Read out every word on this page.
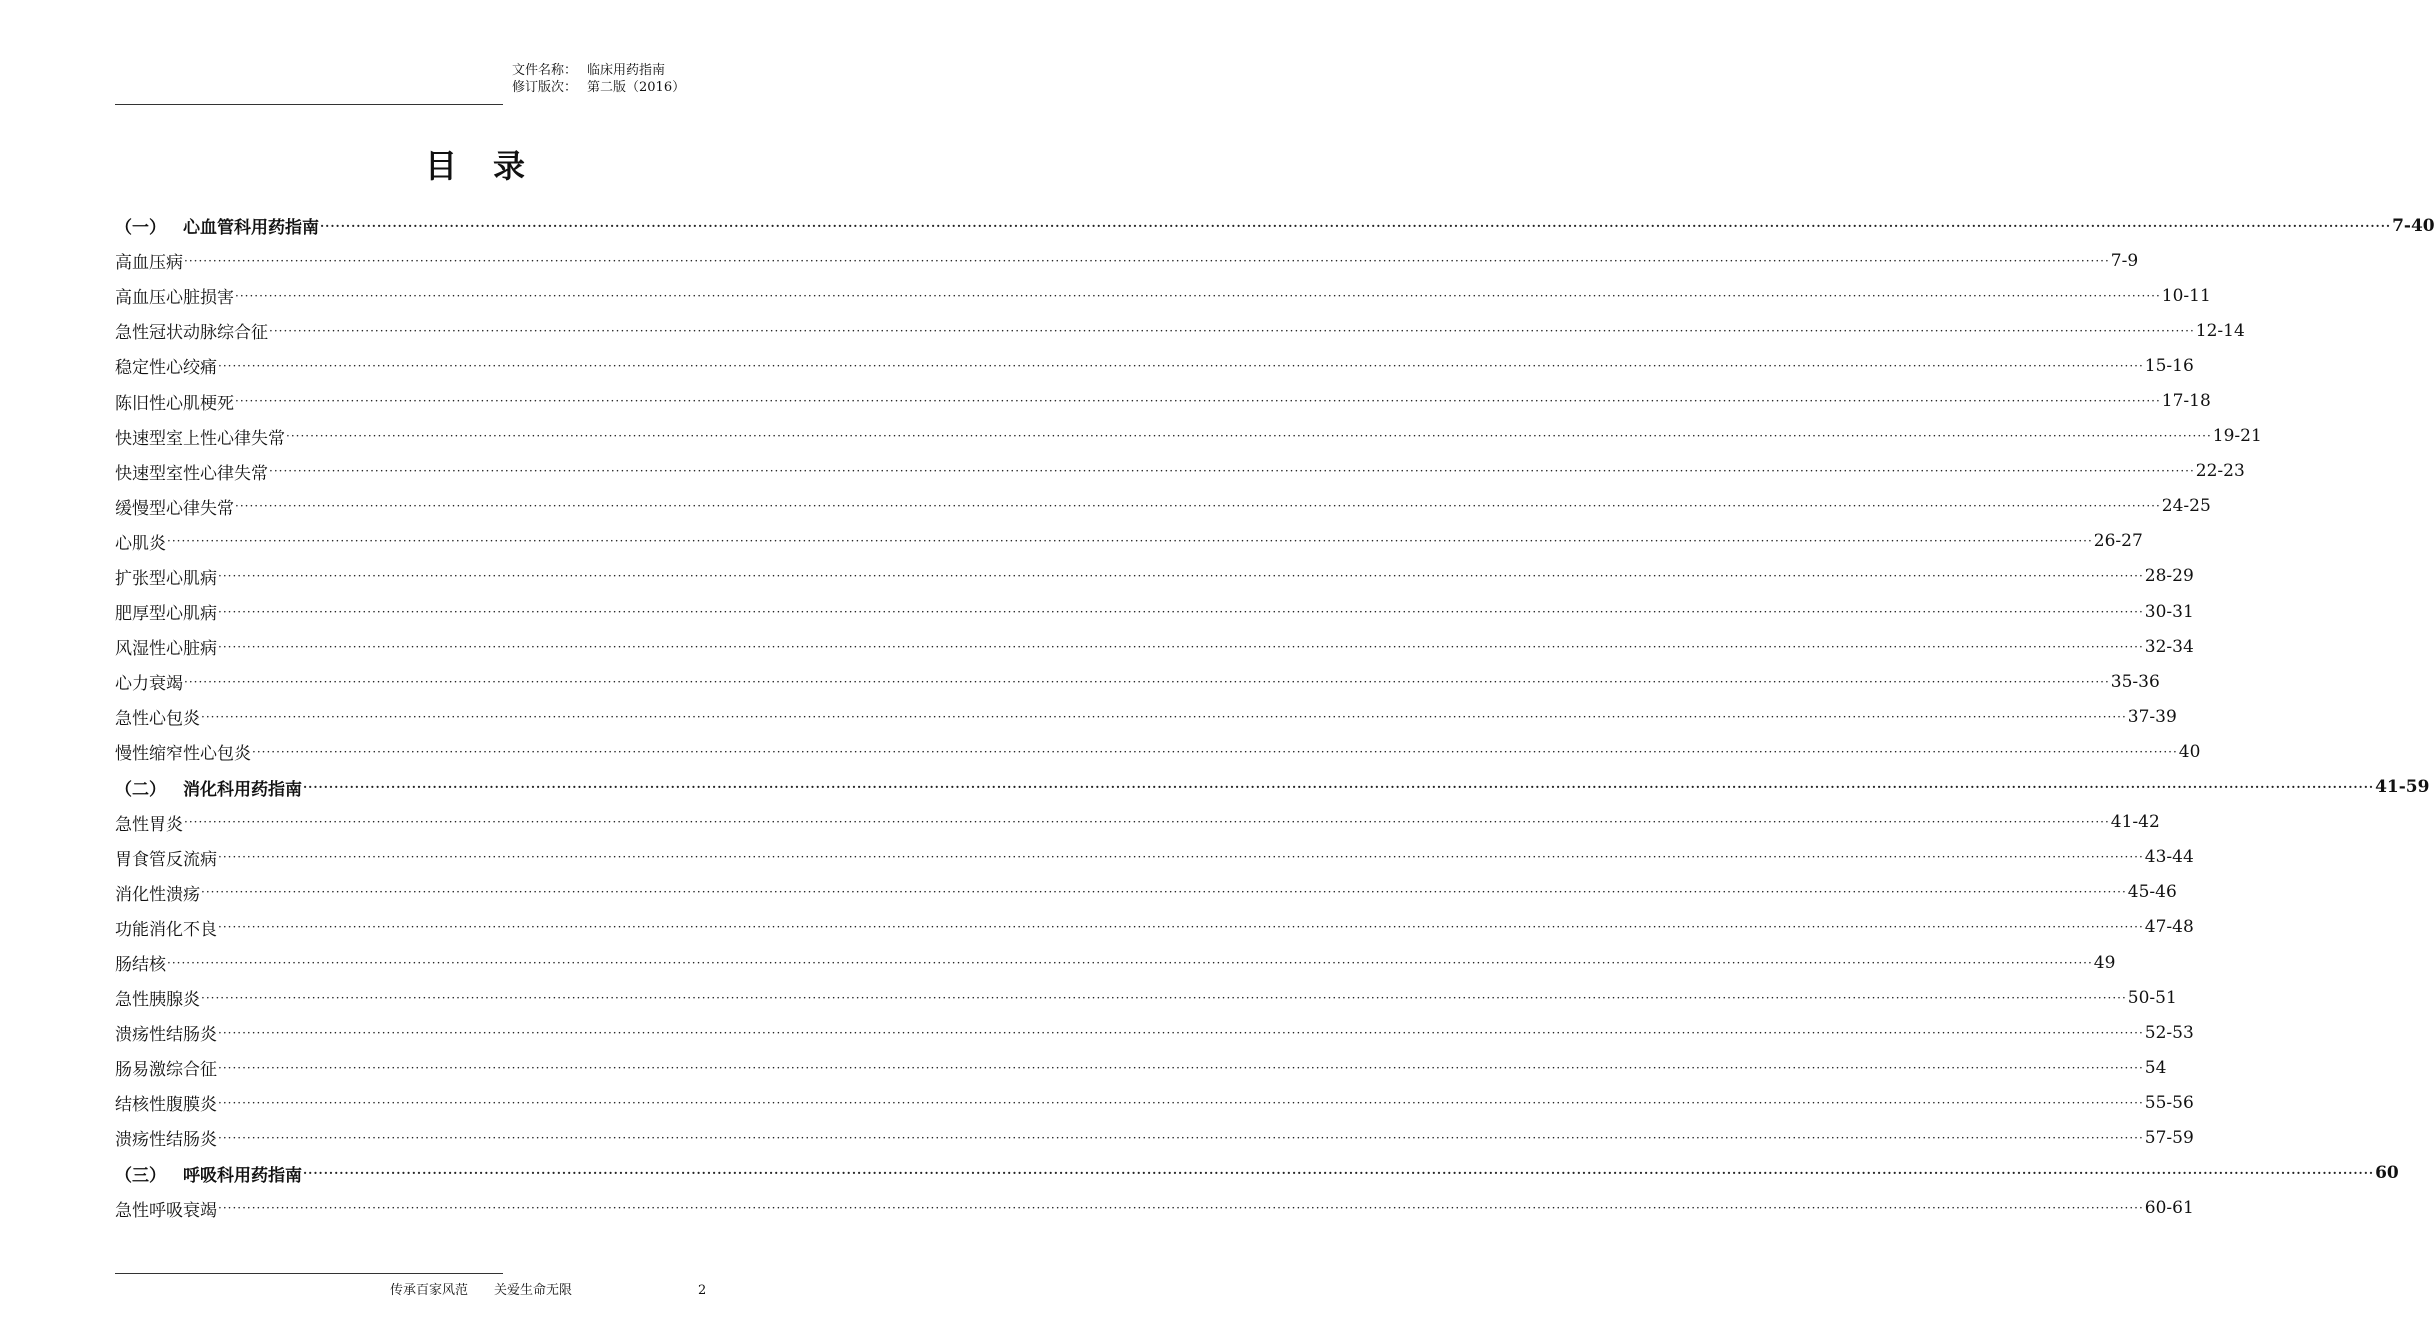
文件名称： 临床用药指南
修订版次： 第二版（2016）
目录
（一）	心血管科用药指南 ················································································································································································································································································································································································································ 7-40
高血压病 ················································································································································································································································································································································································································ 7-9
高血压心脏损害 ················································································································································································································································································································································································································ 10-11
急性冠状动脉综合征 ················································································································································································································································································································································································································ 12-14
稳定性心绞痛 ················································································································································································································································································································································································································ 15-16
陈旧性心肌梗死 ················································································································································································································································································································································································································ 17-18
快速型室上性心律失常 ················································································································································································································································································································································································································ 19-21
快速型室性心律失常 ················································································································································································································································································································································································································ 22-23
缓慢型心律失常 ················································································································································································································································································································································································································ 24-25
心肌炎 ················································································································································································································································································································································································································ 26-27
扩张型心肌病 ················································································································································································································································································································································································································ 28-29
肥厚型心肌病 ················································································································································································································································································································································································································ 30-31
风湿性心脏病 ················································································································································································································································································································································································································ 32-34
心力衰竭 ················································································································································································································································································································································································································ 35-36
急性心包炎 ················································································································································································································································································································································································································ 37-39
慢性缩窄性心包炎 ················································································································································································································································································································································································································ 40
（二）	消化科用药指南 ················································································································································································································································································································································································································ 41-59
急性胃炎 ················································································································································································································································································································································································································ 41-42
胃食管反流病 ················································································································································································································································································································································································································ 43-44
消化性溃疡 ················································································································································································································································································································································································································ 45-46
功能消化不良 ················································································································································································································································································································································································································ 47-48
肠结核 ················································································································································································································································································································································································································ 49
急性胰腺炎 ················································································································································································································································································································································································································ 50-51
溃疡性结肠炎 ················································································································································································································································································································································································································ 52-53
肠易激综合征 ················································································································································································································································································································································································································ 54
结核性腹膜炎 ················································································································································································································································································································································································································ 55-56
溃疡性结肠炎 ················································································································································································································································································································································································································ 57-59
（三）	呼吸科用药指南 ················································································································································································································································································································································································································ 60
急性呼吸衰竭 ················································································································································································································································································································································································································ 60-61
传承百家风范 关爱生命无限	2
